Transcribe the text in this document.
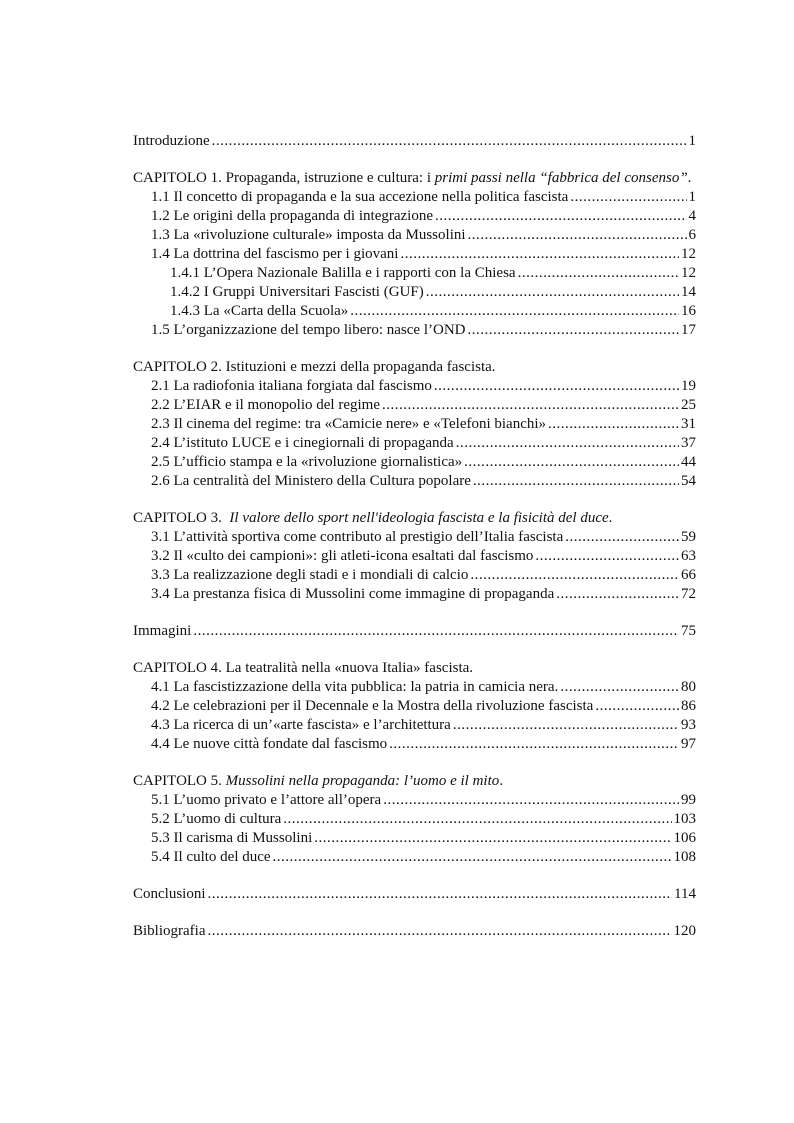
Introduzione .....	1
CAPITOLO 1. Propaganda, istruzione e cultura: i primi passi nella “fabbrica del consenso”.
1.1 Il concetto di propaganda e la sua accezione nella politica fascista .....	1
1.2 Le origini della propaganda di integrazione .....	4
1.3 La «rivoluzione culturale» imposta da Mussolini .....	6
1.4 La dottrina del fascismo per i giovani .....	12
1.4.1 L’Opera Nazionale Balilla e i rapporti con la Chiesa .....	12
1.4.2 I Gruppi Universitari Fascisti (GUF) .....	14
1.4.3 La «Carta della Scuola» .....	16
1.5 L’organizzazione del tempo libero: nasce l’OND .....	17
CAPITOLO 2. Istituzioni e mezzi della propaganda fascista.
2.1 La radiofonia italiana forgiata dal fascismo .....	19
2.2 L’EIAR e il monopolio del regime .....	25
2.3 Il cinema del regime: tra «Camicie nere» e «Telefoni bianchi» .....	31
2.4 L’istituto LUCE e i cinegiornali di propaganda .....	37
2.5 L’ufficio stampa e la «rivoluzione giornalistica» .....	44
2.6 La centralità del Ministero della Cultura popolare .....	54
CAPITOLO 3. Il valore dello sport nell'ideologia fascista e la fisicità del duce.
3.1 L’attività sportiva come contributo al prestigio dell’Italia fascista .....	59
3.2 Il «culto dei campioni»: gli atleti-icona esaltati dal fascismo .....	63
3.3 La realizzazione degli stadi e i mondiali di calcio .....	66
3.4 La prestanza fisica di Mussolini come immagine di propaganda .....	72
Immagini .....	75
CAPITOLO 4. La teatralità nella «nuova Italia» fascista.
4.1 La fascistizzazione della vita pubblica: la patria in camicia nera. .....	80
4.2 Le celebrazioni per il Decennale e la Mostra della rivoluzione fascista .....	86
4.3 La ricerca di un’«arte fascista» e l’architettura .....	93
4.4 Le nuove città fondate dal fascismo .....	97
CAPITOLO 5. Mussolini nella propaganda: l’uomo e il mito.
5.1 L’uomo privato e l’attore all’opera .....	99
5.2 L’uomo di cultura .....	103
5.3 Il carisma di Mussolini .....	106
5.4 Il culto del duce .....	108
Conclusioni .....	114
Bibliografia .....	120
